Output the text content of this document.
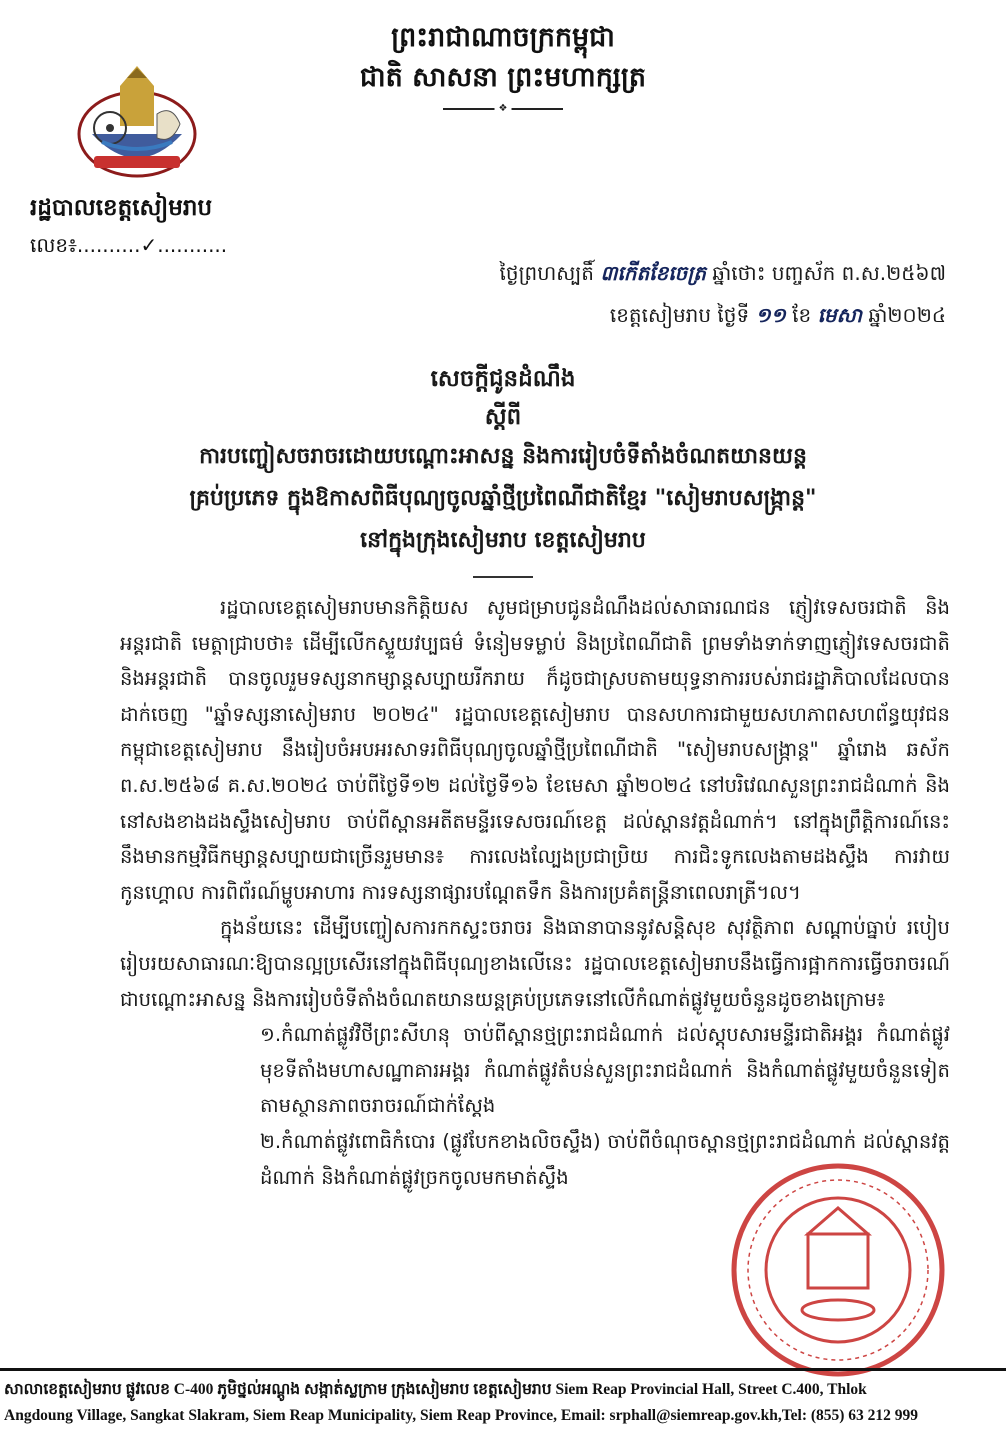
ព្រះរាជាណាចក្រកម្ពុជា
ជាតិ សាសនា ព្រះមហាក្សត្រ
❖
រដ្ឋបាលខេត្តសៀមរាប
លេខ៖..........✓...........
ថ្ងៃព្រហស្បតិ៍ ៣កើតខែចេត្រ ឆ្នាំថោះ បញ្ចស័ក ព.ស.២៥៦៧
ខេត្តសៀមរាប ថ្ងៃទី ១១ ខែ មេសា ឆ្នាំ២០២៤
សេចក្ដីជូនដំណឹង
ស្ដីពី
ការបញ្ចៀសចរាចរដោយបណ្ដោះអាសន្ន និងការរៀបចំទីតាំងចំណតយានយន្ត
គ្រប់ប្រភេទ ក្នុងឱកាសពិធីបុណ្យចូលឆ្នាំថ្មីប្រពៃណីជាតិខ្មែរ "សៀមរាបសង្ក្រាន្ត"
នៅក្នុងក្រុងសៀមរាប ខេត្តសៀមរាប

រដ្ឋបាលខេត្តសៀមរាបមានកិត្តិយស សូមជម្រាបជូនដំណឹងដល់សាធារណជន ភ្ញៀវទេសចរជាតិ និងអន្តរជាតិ មេត្តាជ្រាបថា៖ ដើម្បីលើកស្ទួយវប្បធម៌ ទំនៀមទម្លាប់ និងប្រពៃណីជាតិ ព្រមទាំងទាក់ទាញភ្ញៀវទេសចរជាតិ និងអន្តរជាតិ បានចូលរួមទស្សនាកម្សាន្តសប្បាយរីករាយ ក៏ដូចជាស្របតាមយុទ្ធនាការរបស់រាជរដ្ឋាភិបាលដែលបានដាក់ចេញ "ឆ្នាំទស្សនាសៀមរាប ២០២៤" រដ្ឋបាលខេត្តសៀមរាប បានសហការជាមួយសហភាពសហព័ន្ធយុវជនកម្ពុជាខេត្តសៀមរាប នឹងរៀបចំអបអរសាទរពិធីបុណ្យចូលឆ្នាំថ្មីប្រពៃណីជាតិ "សៀមរាបសង្ក្រាន្ត" ឆ្នាំរោង ឆស័ក ព.ស.២៥៦៨ គ.ស.២០២៤ ចាប់ពីថ្ងៃទី១២ ដល់ថ្ងៃទី១៦ ខែមេសា ឆ្នាំ២០២៤ នៅបរិវេណសួនព្រះរាជដំណាក់ និងនៅសងខាងដងស្ទឹងសៀមរាប ចាប់ពីស្ពានអតីតមន្ទីរទេសចរណ៍ខេត្ត ដល់ស្ពានវត្តដំណាក់។ នៅក្នុងព្រឹត្តិការណ៍នេះ នឹងមានកម្មវិធីកម្សាន្តសប្បាយជាច្រើនរួមមាន៖ ការលេងល្បែងប្រជាប្រិយ ការជិះទូកលេងតាមដងស្ទឹង ការវាយកូនហ្គោល ការពិព័រណ៍ម្ហូបអាហារ ការទស្សនាផ្សារបណ្ដែតទឹក និងការប្រគំតន្ត្រីនាពេលរាត្រី។ល។

ក្នុងន័យនេះ ដើម្បីបញ្ចៀសការកកស្ទះចរាចរ និងធានាបាននូវសន្តិសុខ សុវត្ថិភាព សណ្ដាប់ធ្នាប់ របៀបរៀបរយសាធារណៈឱ្យបានល្អប្រសើរនៅក្នុងពិធីបុណ្យខាងលើនេះ រដ្ឋបាលខេត្តសៀមរាបនឹងធ្វើការផ្អាកការធ្វើចរាចរណ៍ជាបណ្ដោះអាសន្ន និងការរៀបចំទីតាំងចំណតយានយន្តគ្រប់ប្រភេទនៅលើកំណាត់ផ្លូវមួយចំនួនដូចខាងក្រោម៖

១.កំណាត់ផ្លូវវិថីព្រះសីហនុ ចាប់ពីស្ពានថ្មព្រះរាជដំណាក់ ដល់ស្តុបសារមន្ទីរជាតិអង្គរ កំណាត់ផ្លូវមុខទីតាំងមហាសណ្ឋាគារអង្គរ កំណាត់ផ្លូវតំបន់សួនព្រះរាជដំណាក់ និងកំណាត់ផ្លូវមួយចំនួនទៀតតាមស្ថានភាពចរាចរណ៍ជាក់ស្ដែង

២.កំណាត់ផ្លូវពោធិកំបោរ (ផ្លូវបែកខាងលិចស្ទឹង) ចាប់ពីចំណុចស្ពានថ្មព្រះរាជដំណាក់ ដល់ស្ពានវត្តដំណាក់ និងកំណាត់ផ្លូវច្រកចូលមកមាត់ស្ទឹង

សាលាខេត្តសៀមរាប ផ្លូវលេខ C-400 ភូមិថ្នល់អណ្ដូង សង្កាត់ស្លក្រាម ក្រុងសៀមរាប ខេត្តសៀមរាប Siem Reap Provincial Hall, Street C.400, Thlok
Angdoung Village, Sangkat Slakram, Siem Reap Municipality, Siem Reap Province, Email: srphall@siemreap.gov.kh,Tel: (855) 63 212 999
